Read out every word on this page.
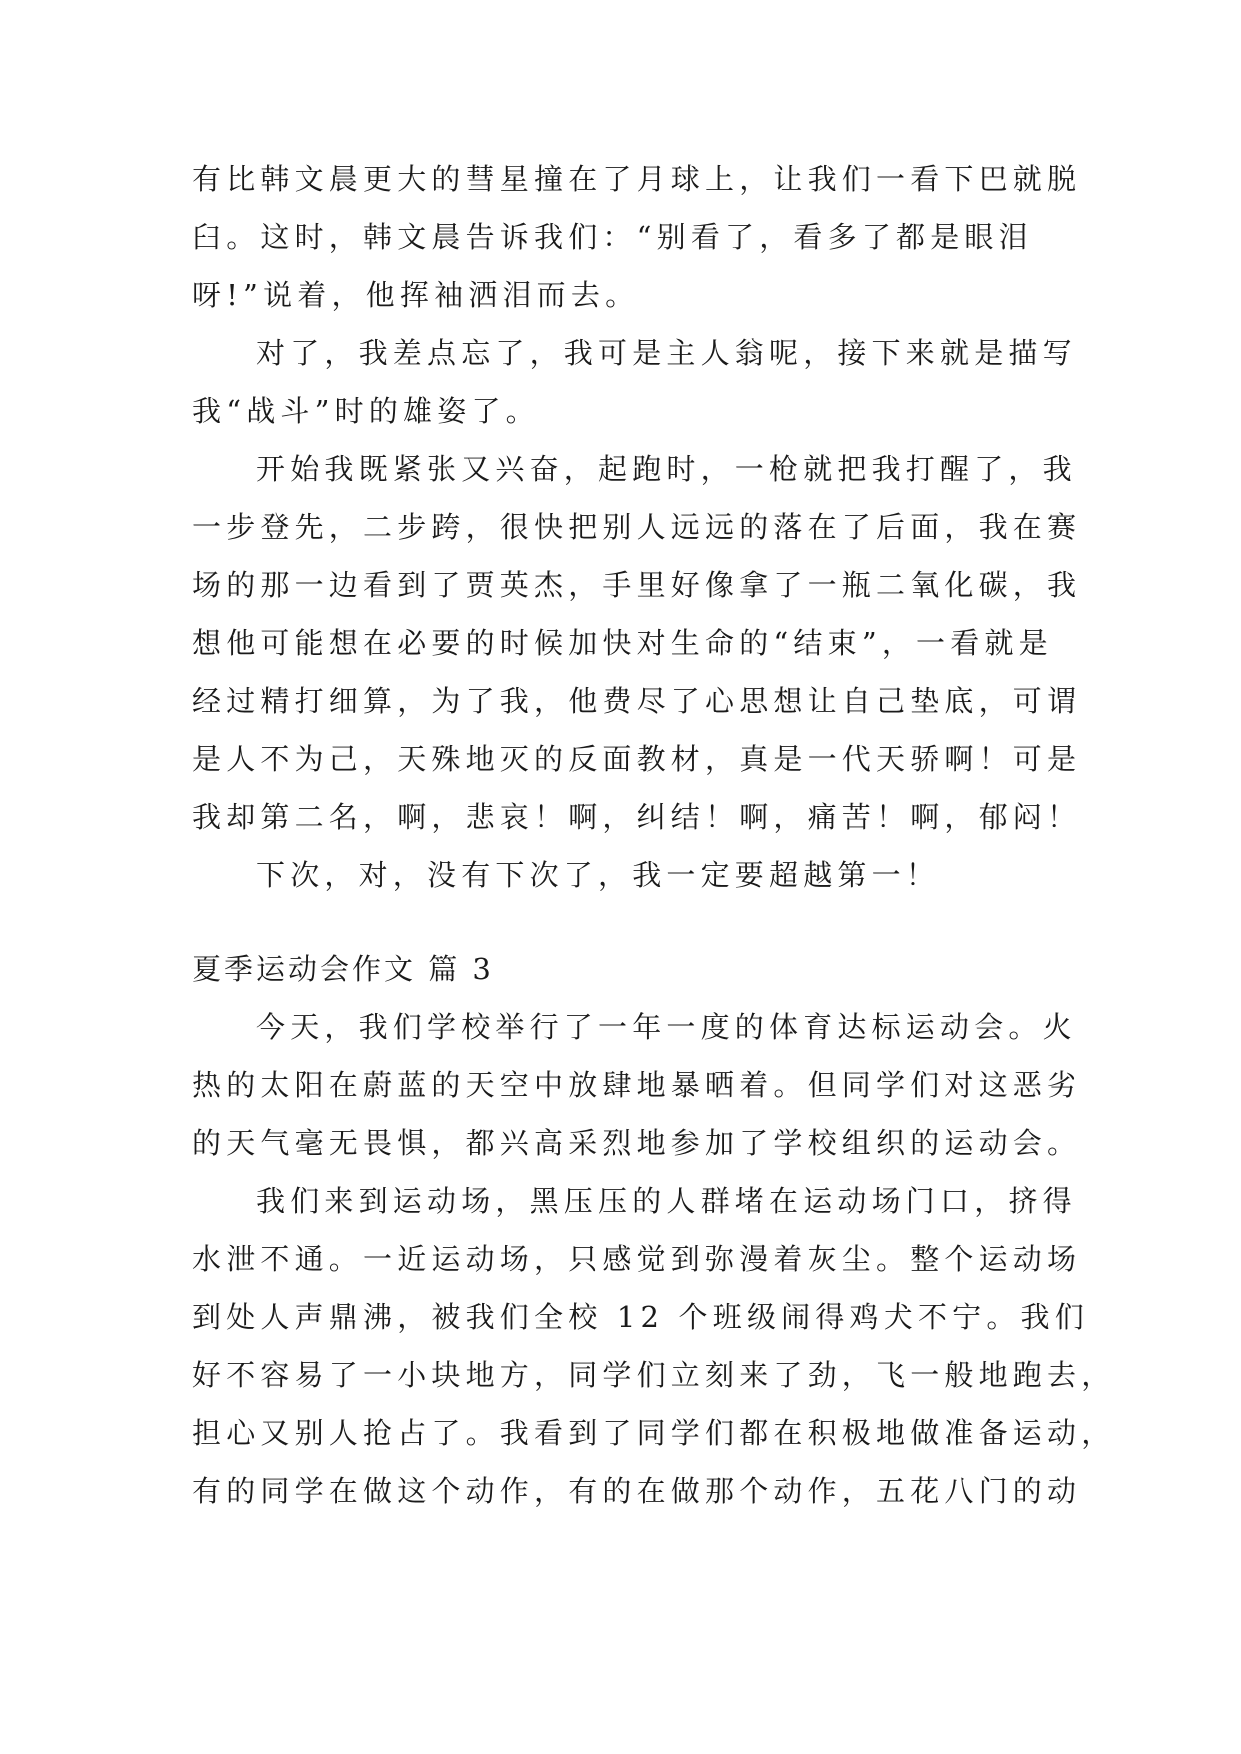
有比韩文晨更大的彗星撞在了月球上，让我们一看下巴就脱
臼。这时，韩文晨告诉我们：“别看了，看多了都是眼泪
呀!”说着，他挥袖洒泪而去。
对了，我差点忘了，我可是主人翁呢，接下来就是描写
我“战斗”时的雄姿了。
开始我既紧张又兴奋，起跑时，一枪就把我打醒了，我
一步登先，二步跨，很快把别人远远的落在了后面，我在赛
场的那一边看到了贾英杰，手里好像拿了一瓶二氧化碳，我
想他可能想在必要的时候加快对生命的“结束”，一看就是
经过精打细算，为了我，他费尽了心思想让自己垫底，可谓
是人不为己，天殊地灭的反面教材，真是一代天骄啊！可是
我却第二名，啊，悲哀！啊，纠结！啊，痛苦！啊，郁闷！
下次，对，没有下次了，我一定要超越第一！
夏季运动会作文 篇 3
今天，我们学校举行了一年一度的体育达标运动会。火
热的太阳在蔚蓝的天空中放肆地暴晒着。但同学们对这恶劣
的天气毫无畏惧，都兴高采烈地参加了学校组织的运动会。
我们来到运动场，黑压压的人群堵在运动场门口，挤得
水泄不通。一近运动场，只感觉到弥漫着灰尘。整个运动场
到处人声鼎沸，被我们全校 12 个班级闹得鸡犬不宁。我们
好不容易了一小块地方，同学们立刻来了劲，飞一般地跑去，
担心又别人抢占了。我看到了同学们都在积极地做准备运动，
有的同学在做这个动作，有的在做那个动作，五花八门的动
